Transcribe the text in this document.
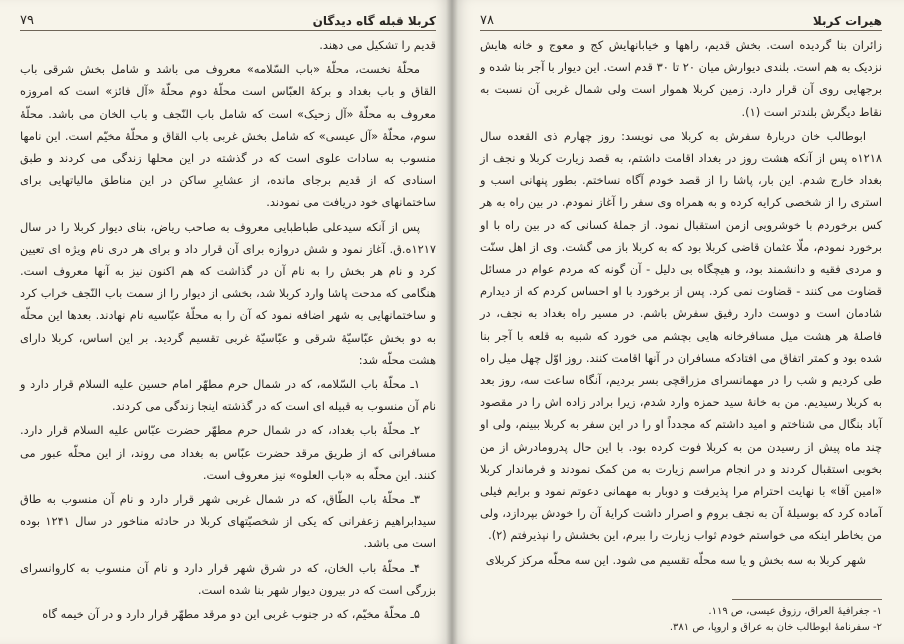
کربلا قبله گاه دیدگان
۷۹

قدیم را تشکیل می دهند.

محلّهٔ نخست، محلّهٔ «باب السّلامه» معروف می باشد و شامل بخش شرقی باب القاق و باب بغداد و برکهٔ العبّاس است محلّهٔ دوم محلّهٔ «آل فائز» است که امروزه معروف به محلّهٔ «آل زحیک» است که شامل باب النّجف و باب الخان می باشد. محلّهٔ سوم، محلّهٔ «آل عیسی» که شامل بخش غربی باب القاق و محلّهٔ مخیّم است. این نامها منسوب به سادات علوی است که در گذشته در این محلها زندگی می کردند و طبق اسنادی که از قدیم برجای مانده، از عشایرِ ساکن در این مناطق مالیاتهایی برای ساختمانهای خود دریافت می نمودند.

پس از آنکه سیدعلی طباطبایی معروف به صاحب ریاض، بنای دیوار کربلا را در سال ۱۲۱۷ه.ق. آغاز نمود و شش دروازه برای آن قرار داد و برای هر دری نام ویژه ای تعیین کرد و نام هر بخش را به نام آن در گذاشت که هم اکنون نیز به آنها معروف است. هنگامی که مدحت پاشا وارد کربلا شد، بخشی از دیوار را از سمت باب النّجف خراب کرد و ساختمانهایی به شهر اضافه نمود که آن را به محلّهٔ عبّاسیه نام نهادند. بعدها این محلّه به دو بخش عبّاسیّهٔ شرقی و عبّاسیّهٔ غربی تقسیم گردید. بر این اساس، کربلا دارای هشت محلّه شد:

۱ـ محلّهٔ باب السّلامه، که در شمال حرم مطهّر امام حسین علیه السلام قرار دارد و نام آن منسوب به قبیله ای است که در گذشته اینجا زندگی می کردند.

۲ـ محلّهٔ باب بغداد، که در شمال حرم مطهّر حضرت عبّاس علیه السلام قرار دارد. مسافرانی که از طریق مرقد حضرت عبّاس به بغداد می روند، از این محلّه عبور می کنند. این محلّه به «باب العلوه» نیز معروف است.

۳ـ محلّهٔ باب الطّاق، که در شمال غربی شهر قرار دارد و نام آن منسوب به طاق سیدابراهیم زعفرانی که یکی از شخصیّتهای کربلا در حادثه مناخور در سال ۱۲۴۱ بوده است می باشد.

۴ـ محلّهٔ باب الخان، که در شرق شهر قرار دارد و نام آن منسوب به کاروانسرای بزرگی است که در بیرون دیوار شهر بنا شده است.

۵ـ محلّهٔ مخیّم، که در جنوب غربی این دو مرقد مطهّر قرار دارد و در آن خیمه گاه

هیرات کربلا
۷۸

زائران بنا گردیده است. بخش قدیم، راهها و خیابانهایش کج و معوج و خانه هایش نزدیک به هم است. بلندی دیوارش میان ۲۰ تا ۳۰ قدم است. این دیوار با آجر بنا شده و برجهایی روی آن قرار دارد. زمین کربلا هموار است ولی شمال غربی آن نسبت به نقاط دیگرش بلندتر است (۱).

ابوطالب خان دربارهٔ سفرش به کربلا می نویسد: روز چهارم ذی القعده سال ۱۲۱۸ه پس از آنکه هشت روز در بغداد اقامت داشتم، به قصد زیارت کربلا و نجف از بغداد خارج شدم. این بار، پاشا را از قصد خودم آگاه نساختم. بطور پنهانی اسب و استری را از شخصی کرایه کرده و به همراه وی سفر را آغاز نمودم. در بین راه به هر کس برخوردم با خوشرویی ازمن استقبال نمود. از جملهٔ کسانی که در بین راه با او برخورد نمودم، ملّا عثمان قاضی کربلا بود که به کربلا باز می گشت. وی از اهل سنّت و مردی فقیه و دانشمند بود، و هیچگاه بی دلیل - آن گونه که مردم عوام در مسائل قضاوت می کنند - قضاوت نمی کرد. پس از برخورد با او احساس کردم که از دیدارم شادمان است و دوست دارد رفیق سفرش باشم. در مسیر راه بغداد به نجف، در فاصلهٔ هر هشت میل مسافرخانه هایی بچشم می خورد که شبیه به قلعه با آجر بنا شده بود و کمتر اتفاق می افتادکه مسافران در آنها اقامت کنند. روز اوّل چهل میل راه طی کردیم و شب را در مهمانسرای مزراقچی بسر بردیم، آنگاه ساعت سه، روز بعد به کربلا رسیدیم. من به خانهٔ سید حمزه وارد شدم، زیرا برادر زاده اش را در مقصود آباد بنگال می شناختم و امید داشتم که مجدداً او را در این سفر به کربلا ببینم، ولی او چند ماه پیش از رسیدن من به کربلا فوت کرده بود. با این حال پدرومادرش از من بخوبی استقبال کردند و در انجام مراسم زیارت به من کمک نمودند و فرماندار کربلا «امین آقا» با نهایت احترام مرا پذیرفت و دوبار به مهمانی دعوتم نمود و برایم فیلی آماده کرد که بوسیلهٔ آن به نجف بروم و اصرار داشت کرایهٔ آن را خودش بپردازد، ولی من بخاطر اینکه می خواستم خودم ثواب زیارت را ببرم، این بخشش را نپذیرفتم (۲).

شهر کربلا به سه بخش و یا سه محلّه تقسیم می شود. این سه محلّه مرکز کربلای

۱- جغرافیهٔ العراق، رزوق عیسی، ص ۱۱۹.
۲- سفرنامهٔ ابوطالب خان به عراق و اروپا، ص ۳۸۱.
